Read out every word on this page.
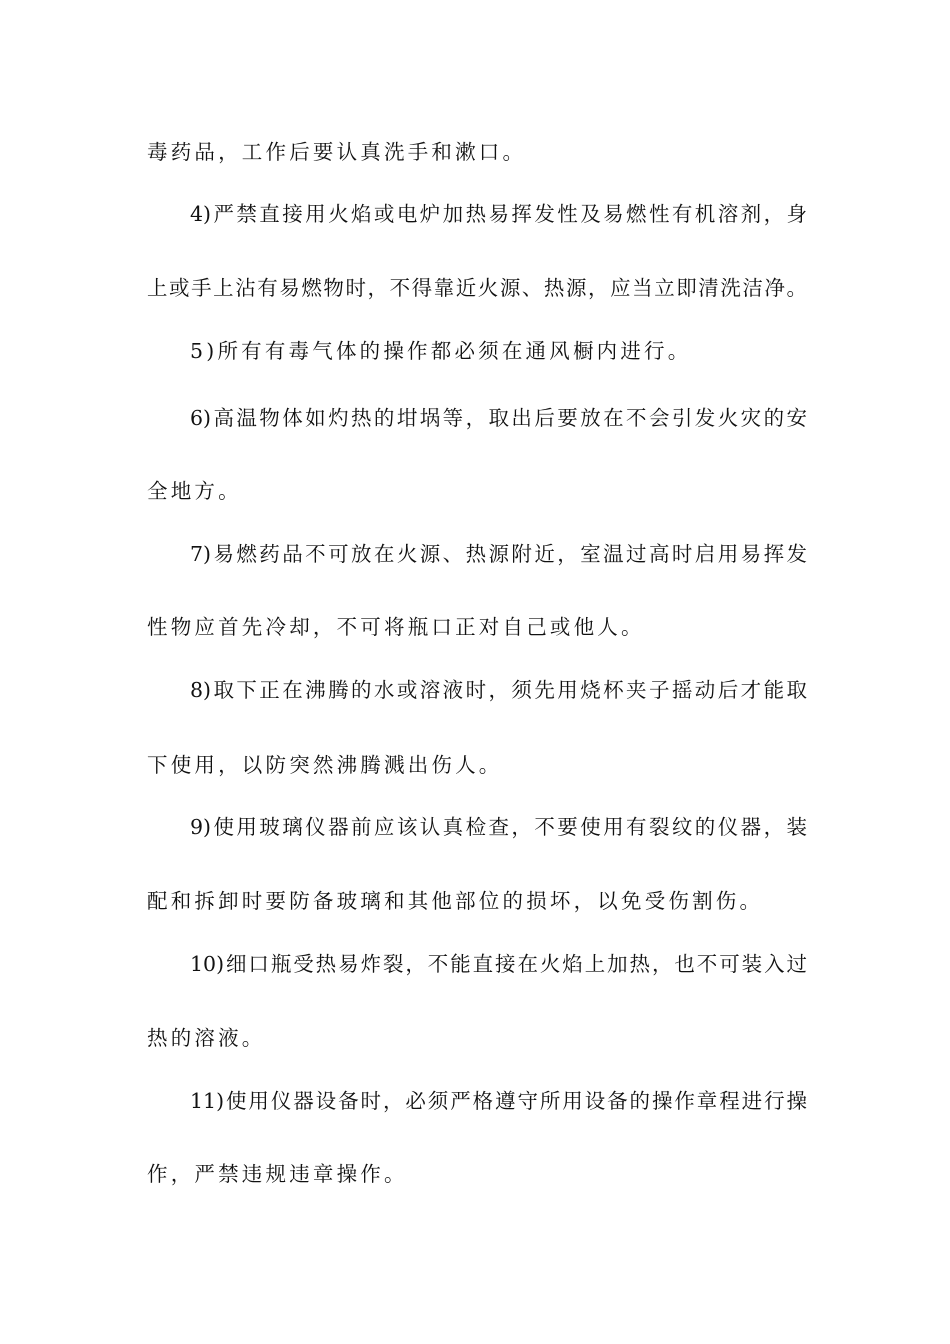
毒药品，工作后要认真洗手和漱口。
4)严禁直接用火焰或电炉加热易挥发性及易燃性有机溶剂，身
上或手上沾有易燃物时，不得靠近火源、热源，应当立即清洗洁净。
5)所有有毒气体的操作都必须在通风橱内进行。
6)高温物体如灼热的坩埚等，取出后要放在不会引发火灾的安
全地方。
7)易燃药品不可放在火源、热源附近，室温过高时启用易挥发
性物应首先冷却，不可将瓶口正对自己或他人。
8)取下正在沸腾的水或溶液时，须先用烧杯夹子摇动后才能取
下使用，以防突然沸腾溅出伤人。
9)使用玻璃仪器前应该认真检查，不要使用有裂纹的仪器，装
配和拆卸时要防备玻璃和其他部位的损坏，以免受伤割伤。
10)细口瓶受热易炸裂，不能直接在火焰上加热，也不可装入过
热的溶液。
11)使用仪器设备时，必须严格遵守所用设备的操作章程进行操
作，严禁违规违章操作。
